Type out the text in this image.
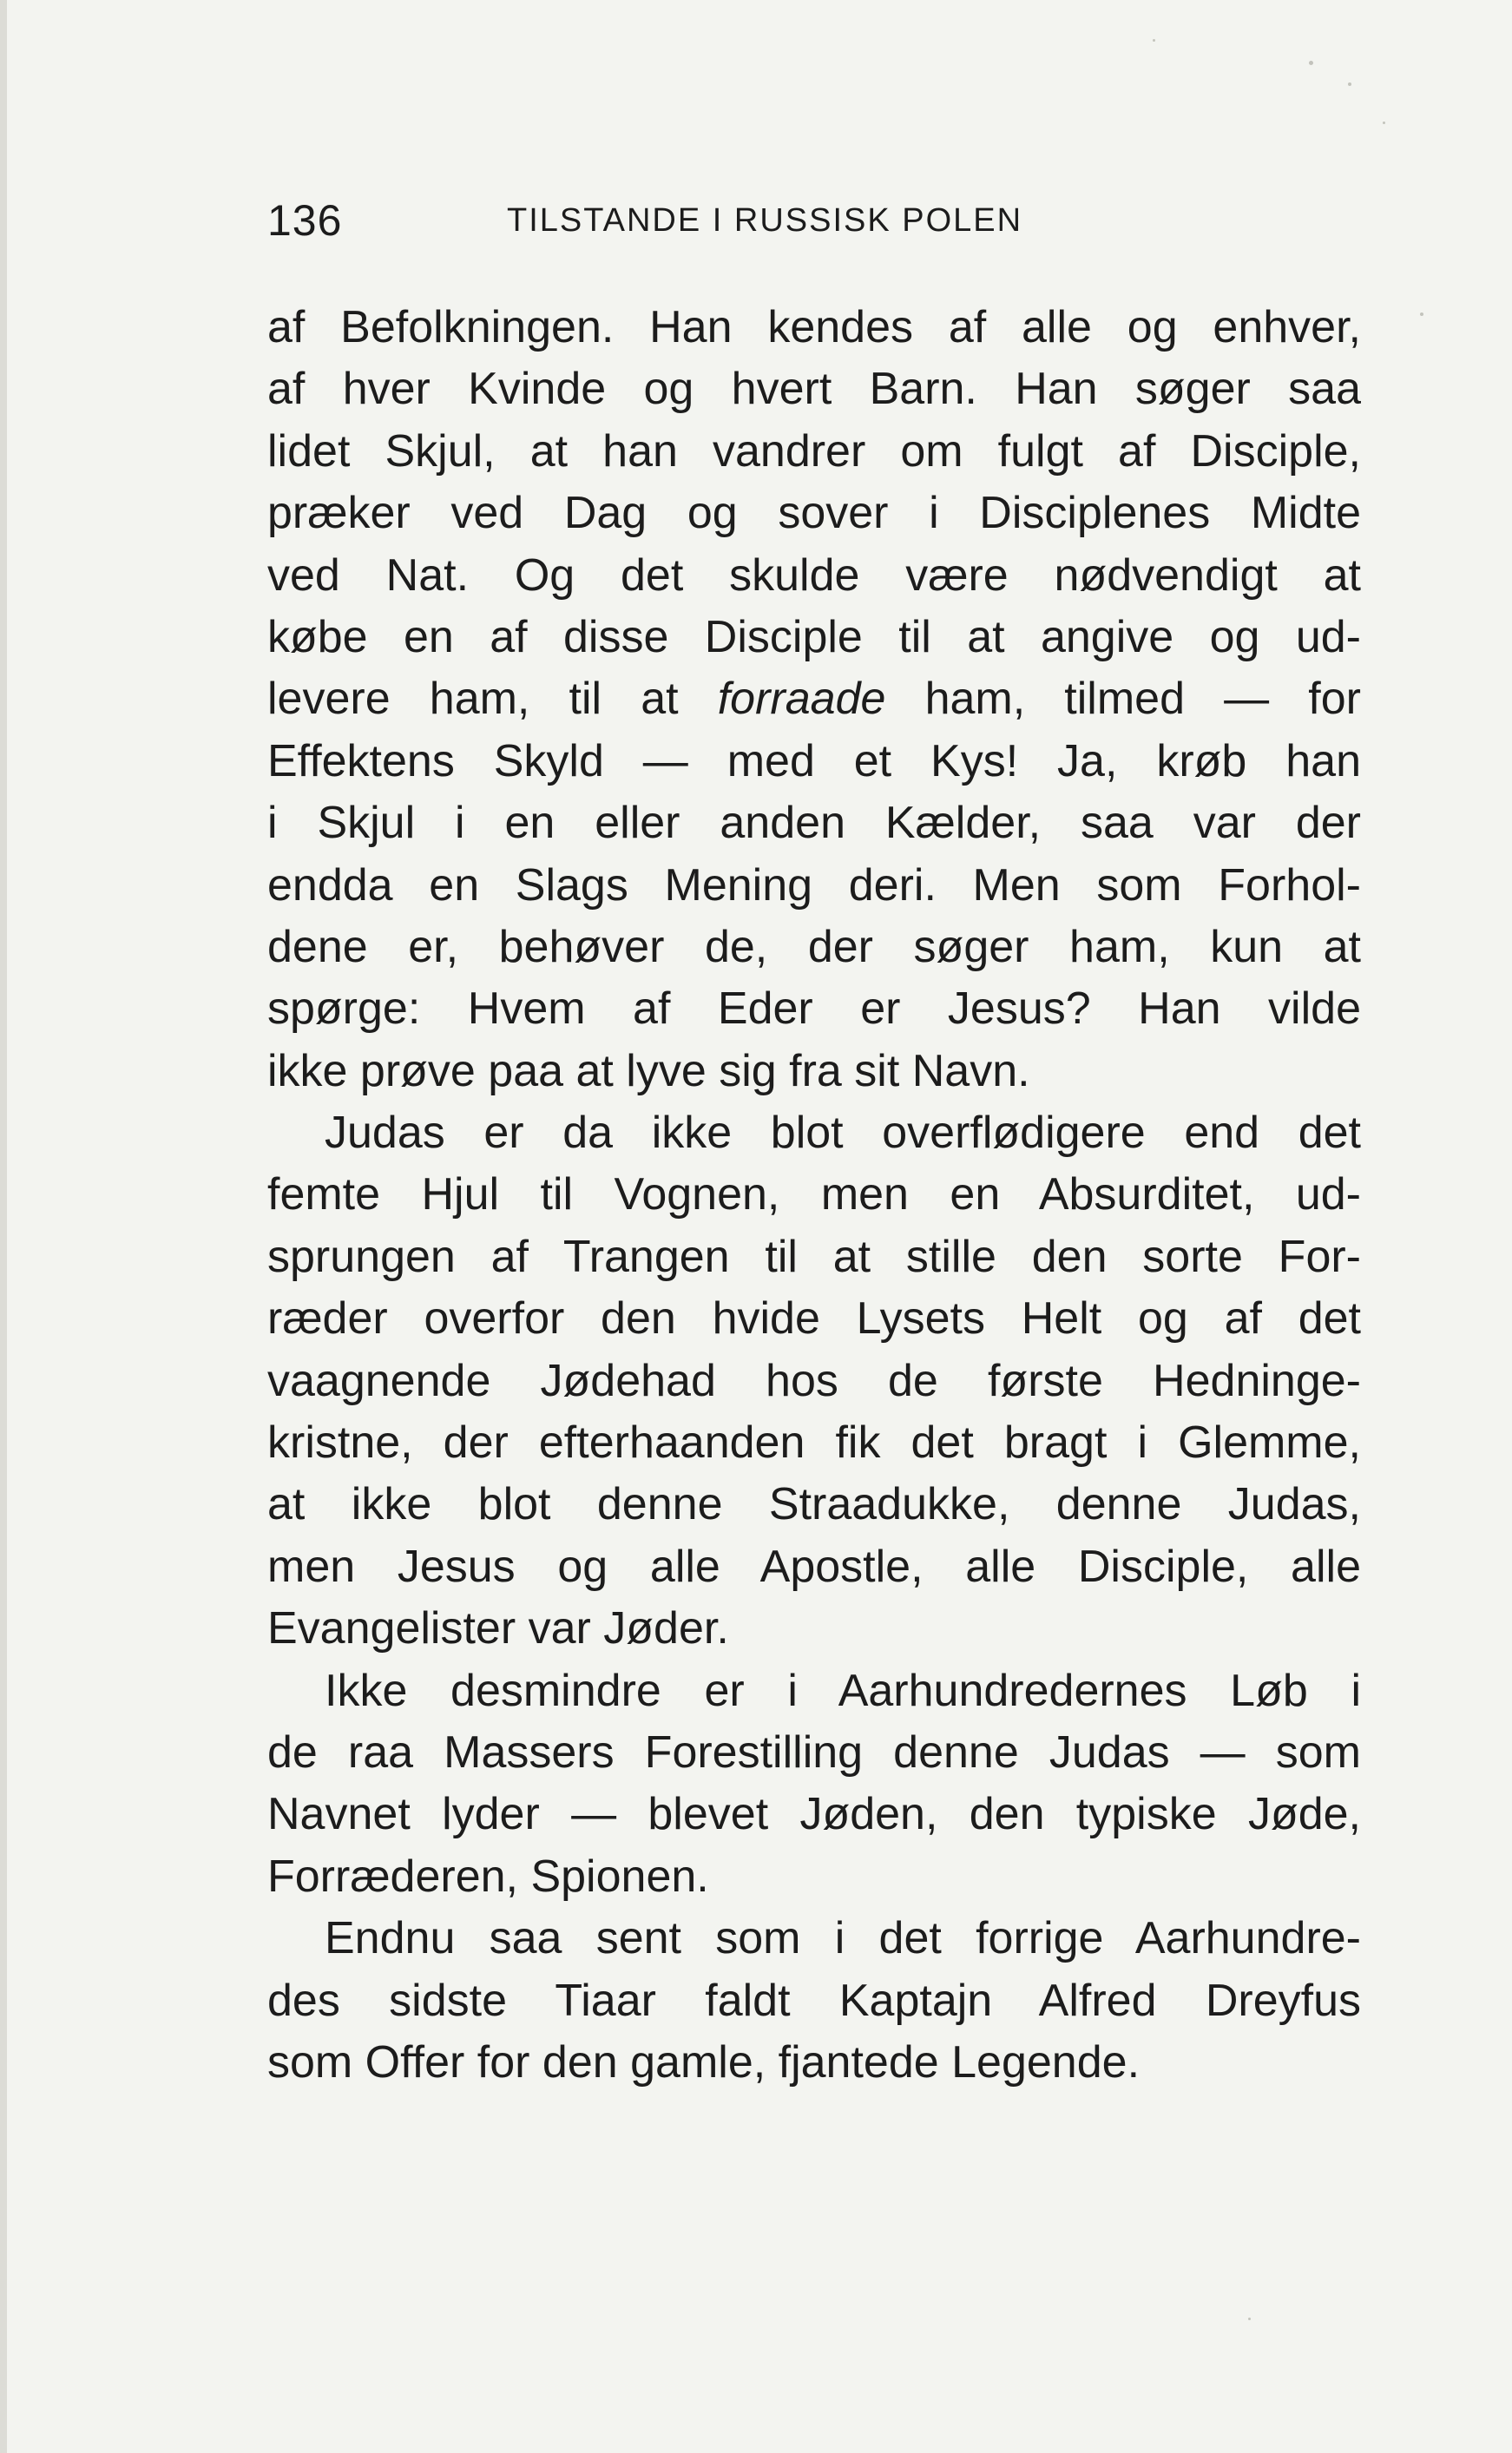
136	TILSTANDE I RUSSISK POLEN
af Befolkningen. Han kendes af alle og enhver,
af hver Kvinde og hvert Barn. Han søger saa
lidet Skjul, at han vandrer om fulgt af Disciple,
præker ved Dag og sover i Disciplenes Midte
ved Nat. Og det skulde være nødvendigt at
købe en af disse Disciple til at angive og ud-
levere ham, til at forraade ham, tilmed — for
Effektens Skyld — med et Kys! Ja, krøb han
i Skjul i en eller anden Kælder, saa var der
endda en Slags Mening deri. Men som Forhol-
dene er, behøver de, der søger ham, kun at
spørge: Hvem af Eder er Jesus? Han vilde
ikke prøve paa at lyve sig fra sit Navn.
Judas er da ikke blot overflødigere end det
femte Hjul til Vognen, men en Absurditet, ud-
sprungen af Trangen til at stille den sorte For-
ræder overfor den hvide Lysets Helt og af det
vaagnende Jødehad hos de første Hedninge-
kristne, der efterhaanden fik det bragt i Glemme,
at ikke blot denne Straadukke, denne Judas,
men Jesus og alle Apostle, alle Disciple, alle
Evangelister var Jøder.
Ikke desmindre er i Aarhundredernes Løb i
de raa Massers Forestilling denne Judas — som
Navnet lyder — blevet Jøden, den typiske Jøde,
Forræderen, Spionen.
Endnu saa sent som i det forrige Aarhundre-
des sidste Tiaar faldt Kaptajn Alfred Dreyfus
som Offer for den gamle, fjantede Legende.
